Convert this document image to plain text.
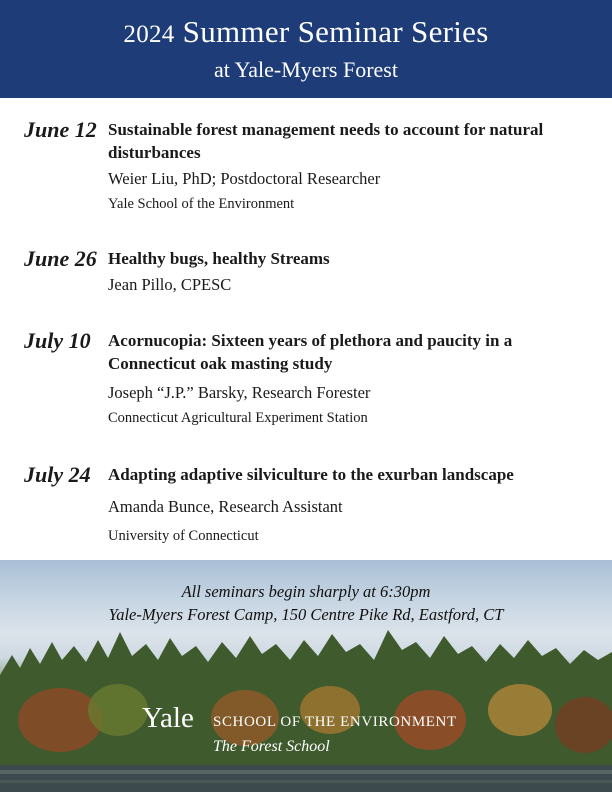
2024 Summer Seminar Series
at Yale-Myers Forest
June 12 Sustainable forest management needs to account for natural disturbances
Weier Liu, PhD; Postdoctoral Researcher
Yale School of the Environment
June 26 Healthy bugs, healthy Streams
Jean Pillo, CPESC
July 10	Acornucopia: Sixteen years of plethora and paucity in a Connecticut oak masting study
Joseph “J.P.” Barsky, Research Forester
Connecticut Agricultural Experiment Station
July 24	Adapting adaptive silviculture to the exurban landscape
Amanda Bunce, Research Assistant
University of Connecticut
All seminars begin sharply at 6:30pm
Yale-Myers Forest Camp, 150 Centre Pike Rd, Eastford, CT
Yale SCHOOL OF THE ENVIRONMENT
The Forest School
